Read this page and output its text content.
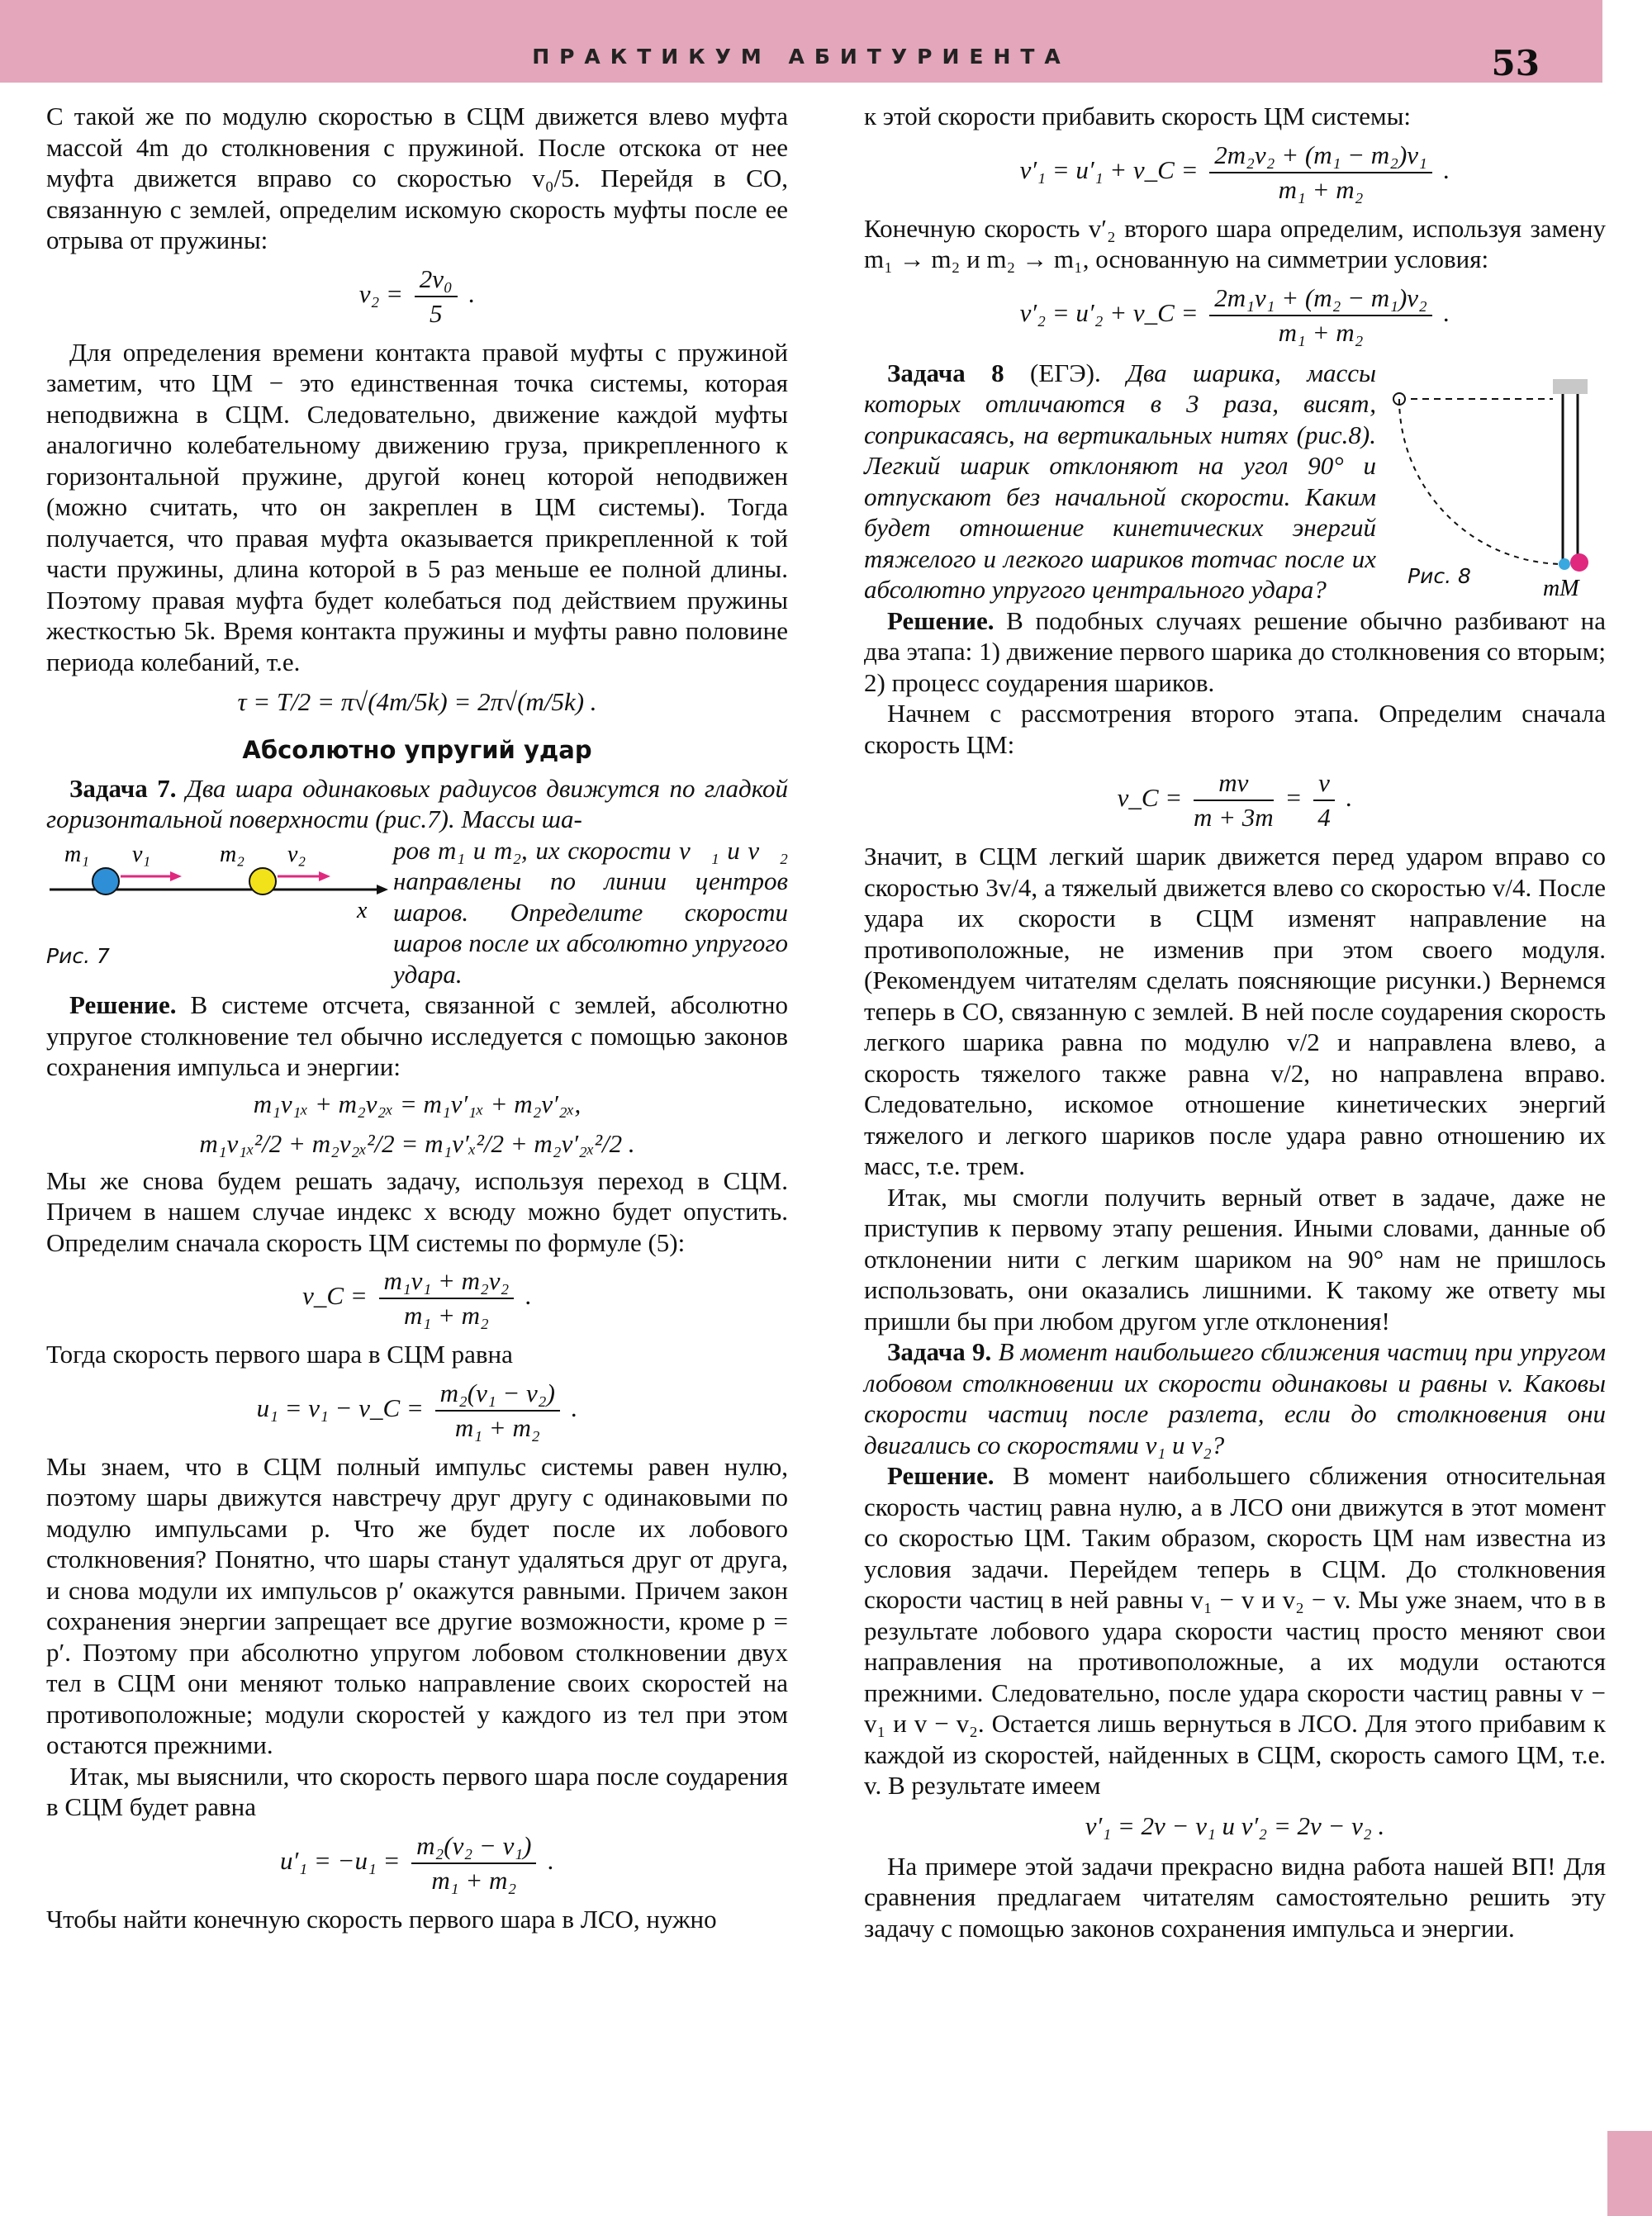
ПРАКТИКУМ АБИТУРИЕНТА	53

С такой же по модулю скоростью в СЦМ движется влево муфта массой 4m до столкновения с пружиной. После отскока от нее муфта движется вправо со скоростью v₀/5. Перейдя в СО, связанную с землей, определим искомую скорость муфты после ее отрыва от пружины:

$v_2 = \frac{\text{2v₀}}{5}$ .

Для определения времени контакта правой муфты с пружиной заметим, что ЦМ − это единственная точка системы, которая неподвижна в СЦМ. Следовательно, движение каждой муфты аналогично колебательному движению груза, прикрепленного к горизонтальной пружине, другой конец которой неподвижен (можно считать, что он закреплен в ЦМ системы). Тогда получается, что правая муфта оказывается прикрепленной к той части пружины, длина которой в 5 раз меньше ее полной длины. Поэтому правая муфта будет колебаться под действием пружины жесткостью 5k. Время контакта пружины и муфты равно половине периода колебаний, т.е.

τ = T/2 = π√(4m/5k) = 2π√(m/5k) .
Абсолютно упругий удар

Задача 7. Два шара одинаковых радиусов движутся по гладкой горизонтальной поверхности (рис.7). Массы ша-

m₁ v₁	m₂ v₂
x
Рис. 7

ров m₁ и m₂, их скорости v⃗₁ и v⃗₂ направлены по линии центров шаров. Определите скорости шаров после их абсолютно упругого удара.

Решение. В системе отсчета, связанной с землей, абсолютно упругое столкновение тел обычно исследуется с помощью законов сохранения импульса и энергии:

m₁v₁ₓ + m₂v₂ₓ = m₁v′₁ₓ + m₂v′₂ₓ,
m₁v₁ₓ²/2 + m₂v₂ₓ²/2 = m₁v′ₓ²/2 + m₂v′₂ₓ²/2 .

Мы же снова будем решать задачу, используя переход в СЦМ. Причем в нашем случае индекс x всюду можно будет опустить. Определим сначала скорость ЦМ системы по формуле (5):

v_C = $\frac{\text{m₁v₁ + m₂v₂}}{\text{m₁ + m₂}}$ .

Тогда скорость первого шара в СЦМ равна

u₁ = v₁ − v_C = $\frac{\text{m₂(v₁ − v₂)}}{\text{m₁ + m₂}}$ .

Мы знаем, что в СЦМ полный импульс системы равен нулю, поэтому шары движутся навстречу друг другу с одинаковыми по модулю импульсами p. Что же будет после их лобового столкновения? Понятно, что шары станут удаляться друг от друга, и снова модули их импульсов p′ окажутся равными. Причем закон сохранения энергии запрещает все другие возможности, кроме p = p′. Поэтому при абсолютно упругом лобовом столкновении двух тел в СЦМ они меняют только направление своих скоростей на противоположные; модули скоростей у каждого из тел при этом остаются прежними.

Итак, мы выяснили, что скорость первого шара после соударения в СЦМ будет равна

$u'_1 = -u_1 = \frac{\text{m₂(v₂ − v₁)}}{\text{m₁ + m₂}}$ .

Чтобы найти конечную скорость первого шара в ЛСО, нужно

к этой скорости прибавить скорость ЦМ системы:

v′₁ = u′₁ + v_C = $\frac{\text{2m₂v₂ + (m₁ − m₂)v₁}}{\text{m₁ + m₂}}$ .

Конечную скорость v′₂ второго шара определим, используя замену m₁ → m₂ и m₂ → m₁, основанную на симметрии условия:

v′₂ = u′₂ + v_C = $\frac{\text{2m₁v₁ + (m₂ − m₁)v₂}}{\text{m₁ + m₂}}$ .

Задача 8 (ЕГЭ). Два шарика, массы которых отличаются в 3 раза, висят, соприкасаясь, на вертикальных нитях (рис.8). Легкий шарик отклоняют на угол 90° и отпускают без начальной скорости. Каким будет отношение кинетических энергий тяжелого и легкого шариков тотчас после их абсолютно упругого центрального удара?	mM
Рис. 8

Решение. В подобных случаях решение обычно разбивают на два этапа: 1) движение первого шарика до столкновения со вторым; 2) процесс соударения шариков.

Начнем с рассмотрения второго этапа. Определим сначала скорость ЦМ:

v_C = $\frac{mv}{m + 3m} = \frac{v}{4}$ .

Значит, в СЦМ легкий шарик движется перед ударом вправо со скоростью 3v/4, а тяжелый движется влево со скоростью v/4. После удара их скорости в СЦМ изменят направление на противоположные, не изменив при этом своего модуля. (Рекомендуем читателям сделать поясняющие рисунки.) Вернемся теперь в СО, связанную с землей. В ней после соударения скорость легкого шарика равна по модулю v/2 и направлена влево, а скорость тяжелого также равна v/2, но направлена вправо. Следовательно, искомое отношение кинетических энергий тяжелого и легкого шариков после удара равно отношению их масс, т.е. трем.

Итак, мы смогли получить верный ответ в задаче, даже не приступив к первому этапу решения. Иными словами, данные об отклонении нити с легким шариком на 90° нам не пришлось использовать, они оказались лишними. К такому же ответу мы пришли бы при любом другом угле отклонения!

Задача 9. В момент наибольшего сближения частиц при упругом лобовом столкновении их скорости одинаковы и равны v. Каковы скорости частиц после разлета, если до столкновения они двигались со скоростями v₁ и v₂?

Решение. В момент наибольшего сближения относительная скорость частиц равна нулю, а в ЛСО они движутся в этот момент со скоростью ЦМ. Таким образом, скорость ЦМ нам известна из условия задачи. Перейдем теперь в СЦМ. До столкновения скорости частиц в ней равны v₁ − v и v₂ − v. Мы уже знаем, что в в результате лобового удара скорости частиц просто меняют свои направления на противоположные, а их модули остаются прежними. Следовательно, после удара скорости частиц равны v − v₁ и v − v₂. Остается лишь вернуться в ЛСО. Для этого прибавим к каждой из скоростей, найденных в СЦМ, скорость самого ЦМ, т.е. v. В результате имеем

v′₁ = 2v − v₁ и v′₂ = 2v − v₂ .

На примере этой задачи прекрасно видна работа нашей ВП! Для сравнения предлагаем читателям самостоятельно решить эту задачу с помощью законов сохранения импульса и энергии.
